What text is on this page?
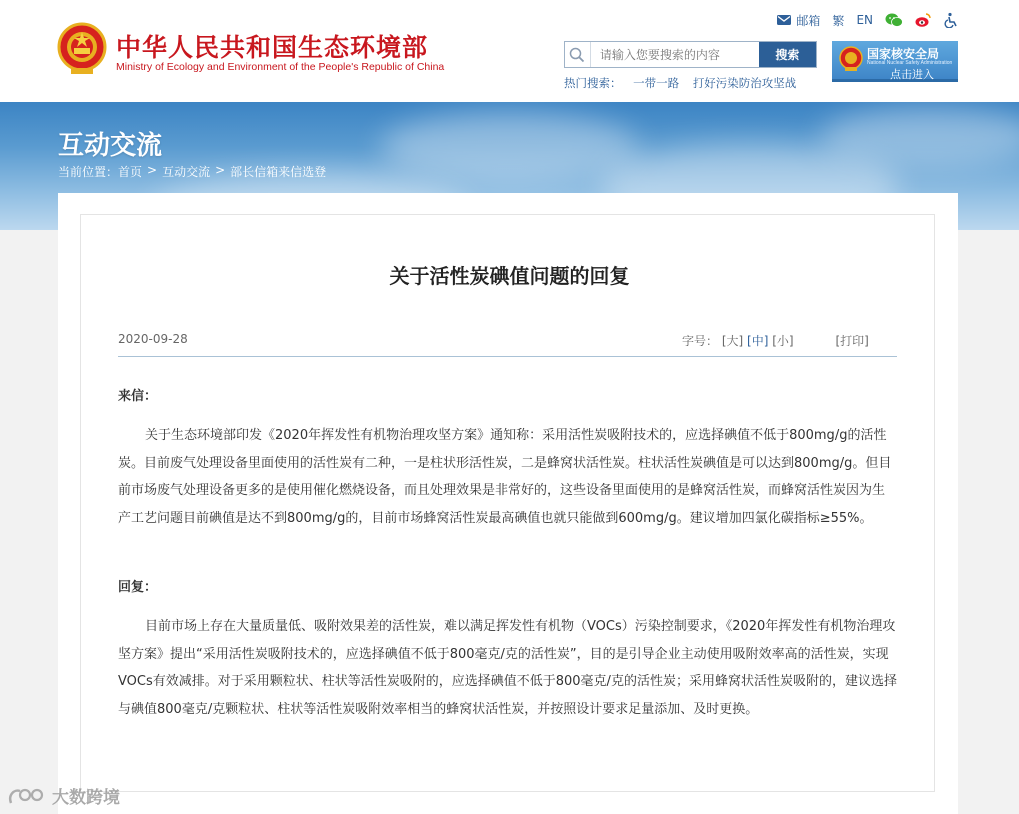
中华人民共和国生态环境部
Ministry of Ecology and Environment of the People's Republic of China
邮箱 繁 EN
请输入您要搜索的内容
搜索
热门搜索： 一带一路 打好污染防治攻坚战
国家核安全局
National Nuclear Safety Administration
点击进入
互动交流
当前位置： 首页 > 互动交流 > 部长信箱来信选登
关于活性炭碘值问题的回复
2020-09-28	字号： [大] [中] [小]	[打印]
来信：
关于生态环境部印发《2020年挥发性有机物治理攻坚方案》通知称：采用活性炭吸附技术的，应选择碘值不低于800mg/g的活性炭。目前废气处理设备里面使用的活性炭有二种，一是柱状形活性炭，二是蜂窝状活性炭。柱状活性炭碘值是可以达到800mg/g。但目前市场废气处理设备更多的是使用催化燃烧设备，而且处理效果是非常好的，这些设备里面使用的是蜂窝活性炭，而蜂窝活性炭因为生产工艺问题目前碘值是达不到800mg/g的，目前市场蜂窝活性炭最高碘值也就只能做到600mg/g。建议增加四氯化碳指标≥55%。
回复：
目前市场上存在大量质量低、吸附效果差的活性炭，难以满足挥发性有机物（VOCs）污染控制要求，《2020年挥发性有机物治理攻坚方案》提出“采用活性炭吸附技术的，应选择碘值不低于800毫克/克的活性炭”，目的是引导企业主动使用吸附效率高的活性炭，实现VOCs有效减排。对于采用颗粒状、柱状等活性炭吸附的，应选择碘值不低于800毫克/克的活性炭；采用蜂窝状活性炭吸附的，建议选择与碘值800毫克/克颗粒状、柱状等活性炭吸附效率相当的蜂窝状活性炭，并按照设计要求足量添加、及时更换。
大数跨境
